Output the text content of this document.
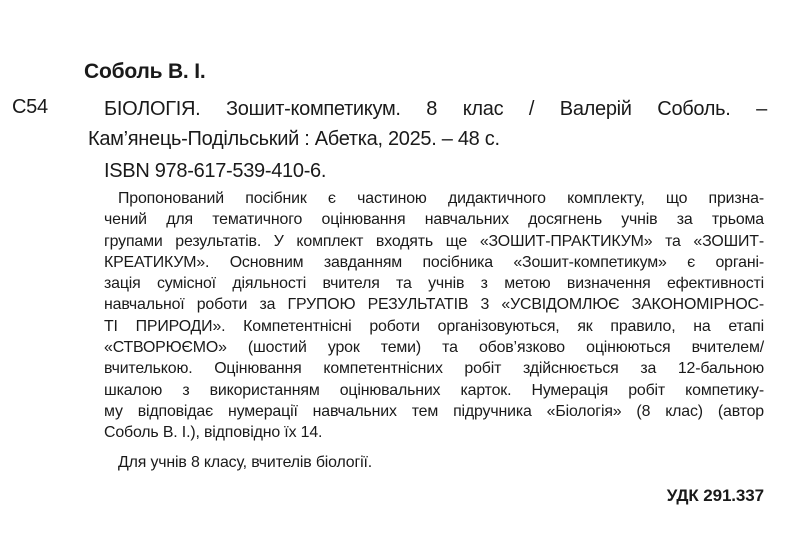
Соболь В. І.
С54	БІОЛОГІЯ. Зошит-компетикум. 8 клас / Валерій Соболь. –
Кам’янець-Подільський : Абетка, 2025. – 48 с.
ISBN 978-617-539-410-6.
Пропонований посібник є частиною дидактичного комплекту, що призна-
чений для тематичного оцінювання навчальних досягнень учнів за трьома
групами результатів. У комплект входять ще «ЗОШИТ-ПРАКТИКУМ» та «ЗОШИТ-
КРЕАТИКУМ». Основним завданням посібника «Зошит-компетикум» є органі-
зація сумісної діяльності вчителя та учнів з метою визначення ефективності
навчальної роботи за ГРУПОЮ РЕЗУЛЬТАТІВ 3 «УСВІДОМЛЮЄ ЗАКОНОМІРНОС-
ТІ ПРИРОДИ». Компетентнісні роботи організовуються, як правило, на етапі
«СТВОРЮЄМО» (шостий урок теми) та обов’язково оцінюються вчителем/
вчителькою. Оцінювання компетентнісних робіт здійснюється за 12-бальною
шкалою з використанням оцінювальних карток. Нумерація робіт компетику-
му відповідає нумерації навчальних тем підручника «Біологія» (8 клас) (автор
Соболь В. І.), відповідно їх 14.
Для учнів 8 класу, вчителів біології.
УДК 291.337
